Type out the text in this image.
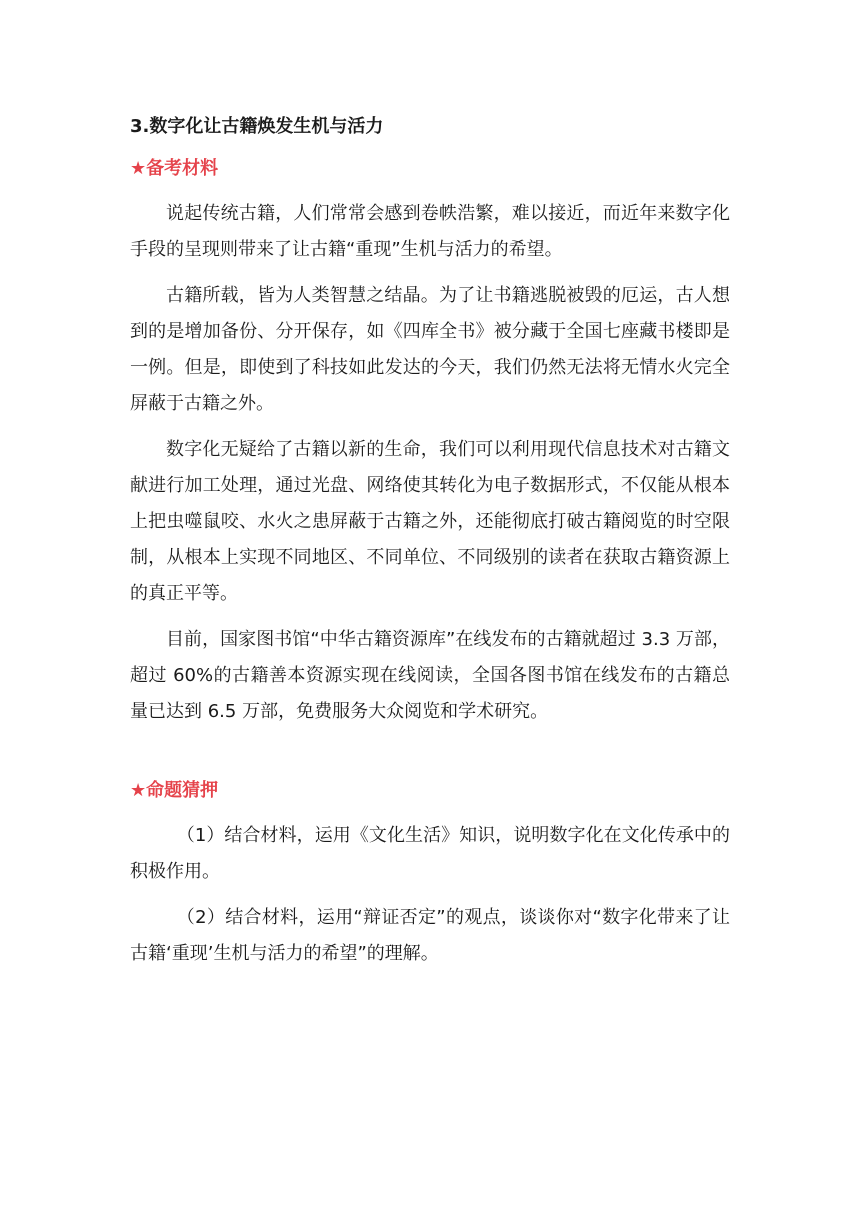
3.数字化让古籍焕发生机与活力
★备考材料

说起传统古籍，人们常常会感到卷帙浩繁，难以接近，而近年来数字化手段的呈现则带来了让古籍“重现”生机与活力的希望。

古籍所载，皆为人类智慧之结晶。为了让书籍逃脱被毁的厄运，古人想到的是增加备份、分开保存，如《四库全书》被分藏于全国七座藏书楼即是一例。但是，即使到了科技如此发达的今天，我们仍然无法将无情水火完全屏蔽于古籍之外。

数字化无疑给了古籍以新的生命，我们可以利用现代信息技术对古籍文献进行加工处理，通过光盘、网络使其转化为电子数据形式，不仅能从根本上把虫噬鼠咬、水火之患屏蔽于古籍之外，还能彻底打破古籍阅览的时空限制，从根本上实现不同地区、不同单位、不同级别的读者在获取古籍资源上的真正平等。

目前，国家图书馆“中华古籍资源库”在线发布的古籍就超过 3.3 万部，超过 60%的古籍善本资源实现在线阅读，全国各图书馆在线发布的古籍总量已达到 6.5 万部，免费服务大众阅览和学术研究。

★命题猜押

（1）结合材料，运用《文化生活》知识，说明数字化在文化传承中的积极作用。

（2）结合材料，运用“辩证否定”的观点，谈谈你对“数字化带来了让古籍‘重现’生机与活力的希望”的理解。
